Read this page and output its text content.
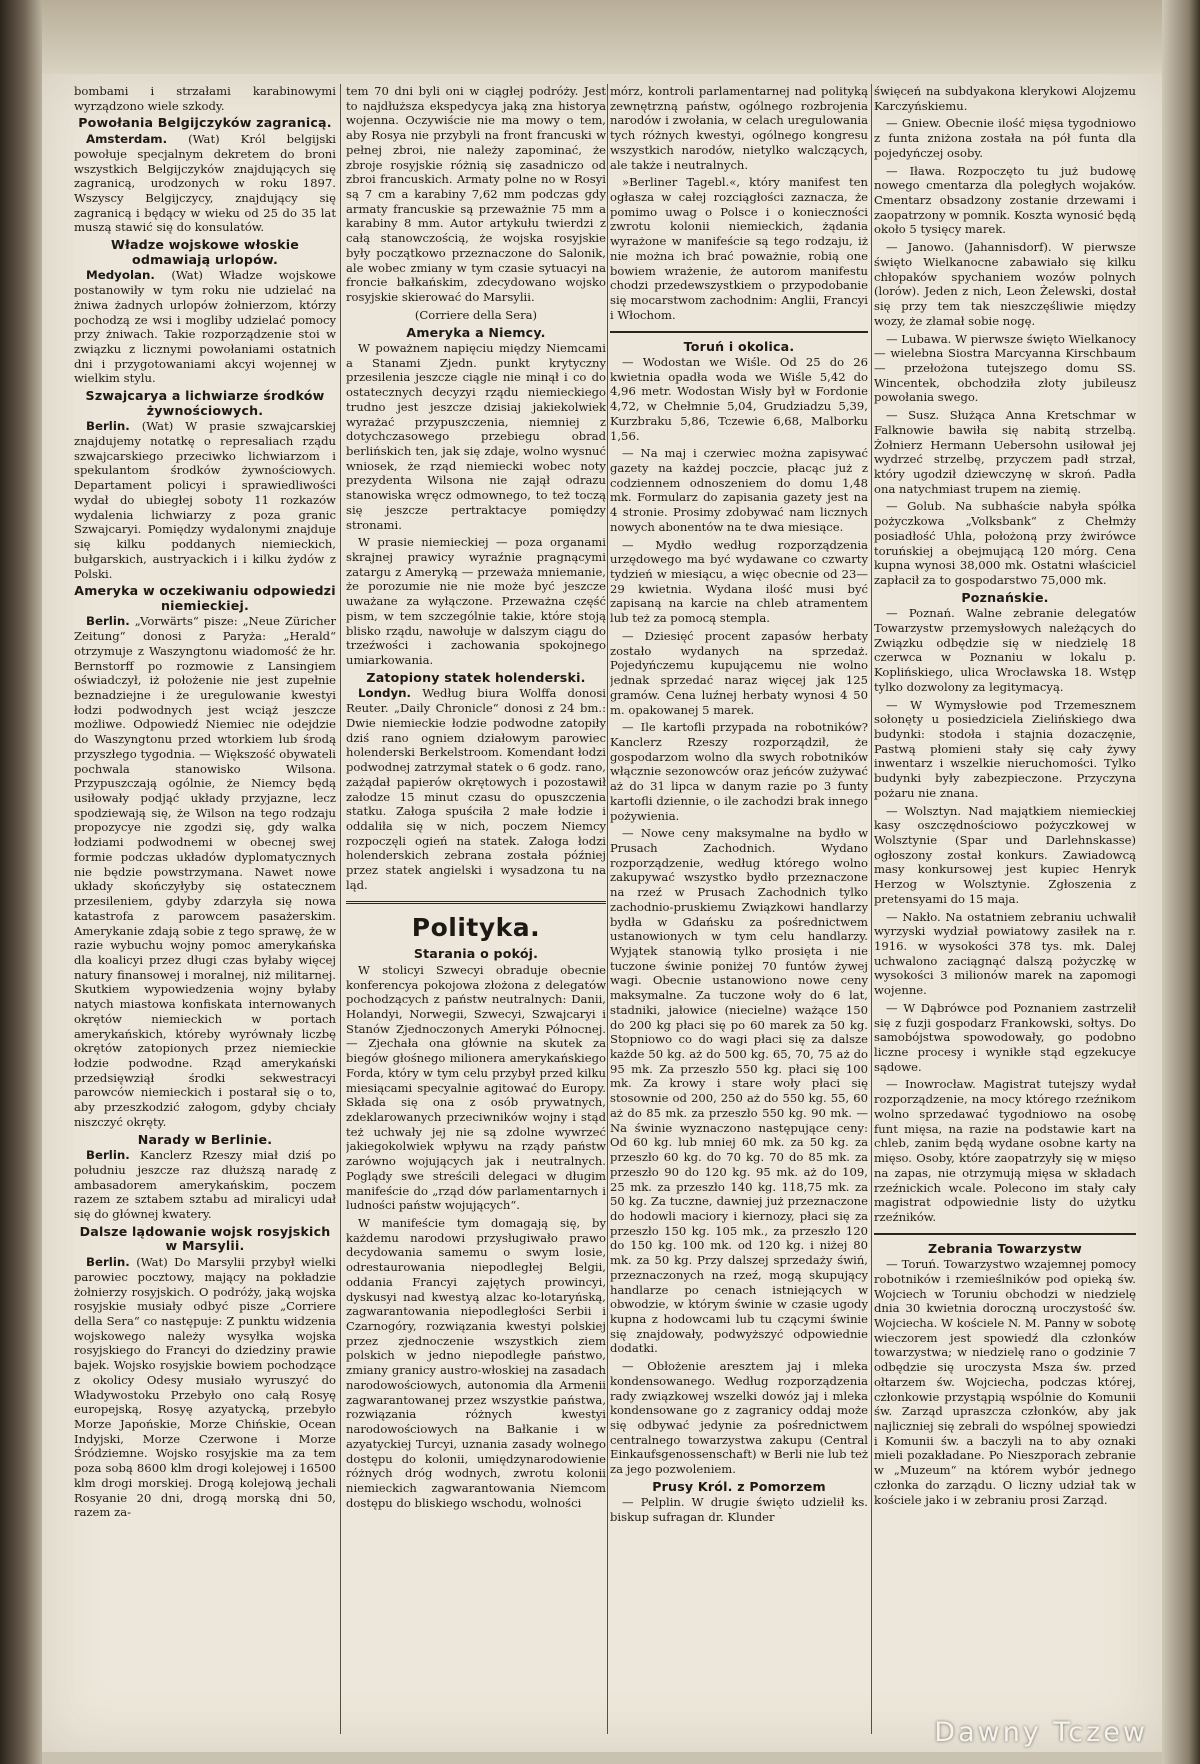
bombami i strzałami karabinowymi wyrządzono wiele szkody.

Powołania Belgijczyków zagranicą.

Amsterdam. (Wat) Król belgijski powołuje specjalnym dekretem do broni wszystkich Belgijczyków znajdujących się zagranicą, urodzonych w roku 1897. Wszyscy Belgijczycy, znajdujący się zagranicą i będący w wieku od 25 do 35 lat muszą stawić się do konsulatów.

Władze wojskowe włoskie odmawiają urlopów.

Medyolan. (Wat) Władze wojskowe postanowiły w tym roku nie udzielać na żniwa żadnych urlopów żołnierzom, którzy pochodzą ze wsi i mogliby udzielać pomocy przy żniwach. Takie rozporządzenie stoi w związku z licznymi powołaniami ostatnich dni i przygotowaniami akcyi wojennej w wielkim stylu.

Szwajcarya a lichwiarze środków żywnościowych.

Berlin. (Wat) W prasie szwajcarskiej znajdujemy notatkę o represaliach rządu szwajcarskiego przeciwko lichwiarzom i spekulantom środków żywnościowych. Departament policyi i sprawiedliwości wydał do ubiegłej soboty 11 rozkazów wydalenia lichwiarzy z poza granic Szwajcaryi. Pomiędzy wydalonymi znajduje się kilku poddanych niemieckich, bułgarskich, austryackich i i kilku żydów z Polski.

Ameryka w oczekiwaniu odpowiedzi niemieckiej.

Berlin. „Vorwärts“ pisze: „Neue Züricher Zeitung“ donosi z Paryża: „Herald“ otrzymuje z Waszyngtonu wiadomość że hr. Bernstorff po rozmowie z Lansingiem oświadczył, iż położenie nie jest zupełnie beznadziejne i że uregulowanie kwestyi łodzi podwodnych jest wciąż jeszcze możliwe. Odpowiedź Niemiec nie odejdzie do Waszyngtonu przed wtorkiem lub środą przyszłego tygodnia. — Większość obywateli pochwala stanowisko Wilsona. Przypuszczają ogólnie, że Niemcy będą usiłowały podjąć układy przyjazne, lecz spodziewają się, że Wilson na tego rodzaju propozycye nie zgodzi się, gdy walka łodziami podwodnemi w obecnej swej formie podczas układów dyplomatycznych nie będzie powstrzymana. Nawet nowe układy skończyłyby się ostatecznem przesileniem, gdyby zdarzyła się nowa katastrofa z parowcem pasażerskim. Amerykanie zdają sobie z tego sprawę, że w razie wybuchu wojny pomoc amerykańska dla koalicyi przez długi czas byłaby więcej natury finansowej i moralnej, niż militarnej. Skutkiem wypowiedzenia wojny byłaby natych miastowa konfiskata internowanych okrętów niemieckich w portach amerykańskich, któreby wyrównały liczbę okrętów zatopionych przez niemieckie łodzie podwodne. Rząd amerykański przedsięwziął środki sekwestracyi parowców niemieckich i postarał się o to, aby przeszkodzić załogom, gdyby chciały niszczyć okręty.

Narady w Berlinie.

Berlin. Kanclerz Rzeszy miał dziś po południu jeszcze raz dłuższą naradę z ambasadorem amerykańskim, poczem razem ze sztabem sztabu ad miralicyi udał się do głównej kwatery.

Dalsze lądowanie wojsk rosyjskich w Marsylii.

Berlin. (Wat) Do Marsylii przybył wielki parowiec pocztowy, mający na pokładzie żołnierzy rosyjskich. O podróży, jaką wojska rosyjskie musiały odbyć pisze „Corriere della Sera“ co następuje: Z punktu widzenia wojskowego należy wysyłka wojska rosyjskiego do Francyi do dziedziny prawie bajek. Wojsko rosyjskie bowiem pochodzące z okolicy Odesy musiało wyruszyć do Władywostoku Przebyło ono całą Rosyę europejską, Rosyę azyatycką, przebyło Morze Japońskie, Morze Chińskie, Ocean Indyjski, Morze Czerwone i Morze Śródziemne. Wojsko rosyjskie ma za tem poza sobą 8600 klm drogi kolejowej i 16500 klm drogi morskiej. Drogą kolejową jechali Rosyanie 20 dni, drogą morską dni 50, razem za-

tem 70 dni byli oni w ciągłej podróży. Jest to najdłuższa ekspedycya jaką zna historya wojenna. Oczywiście nie ma mowy o tem, aby Rosya nie przybyli na front francuski w pełnej zbroi, nie należy zapominać, że zbroje rosyjskie różnią się zasadniczo od zbroi francuskich. Armaty polne no w Rosyi są 7 cm a karabiny 7,62 mm podczas gdy armaty francuskie są przeważnie 75 mm a karabiny 8 mm. Autor artykułu twierdzi z całą stanowczością, że wojska rosyjskie były początkowo przeznaczone do Salonik, ale wobec zmiany w tym czasie sytuacyi na froncie bałkańskim, zdecydowano wojsko rosyjskie skierować do Marsylii.

(Corriere della Sera)

Ameryka a Niemcy.

W poważnem napięciu między Niemcami a Stanami Zjedn. punkt krytyczny przesilenia jeszcze ciągle nie minął i co do ostatecznych decyzyi rządu niemieckiego trudno jest jeszcze dzisiaj jakiekolwiek wyrażać przypuszczenia, niemniej z dotychczasowego przebiegu obrad berlińskich ten, jak się zdaje, wolno wysnuć wniosek, że rząd niemiecki wobec noty prezydenta Wilsona nie zajął odrazu stanowiska wręcz odmownego, to też toczą się jeszcze pertraktacye pomiędzy stronami.

W prasie niemieckiej — poza organami skrajnej prawicy wyraźnie pragnącymi zatargu z Ameryką — przeważa mniemanie, że porozumie nie nie może być jeszcze uważane za wyłączone. Przeważna część pism, w tem szczególnie takie, które stoją blisko rządu, nawołuje w dalszym ciągu do trzeźwości i zachowania spokojnego umiarkowania.

Zatopiony statek holenderski.

Londyn. Według biura Wolffa donosi Reuter. „Daily Chronicle“ donosi z 24 bm.: Dwie niemieckie łodzie podwodne zatopiły dziś rano ogniem działowym parowiec holenderski Berkelstroom. Komendant łodzi podwodnej zatrzymał statek o 6 godz. rano, zażądał papierów okrętowych i pozostawił załodze 15 minut czasu do opuszczenia statku. Załoga spuściła 2 małe łodzie i oddaliła się w nich, poczem Niemcy rozpoczęli ogień na statek. Załoga łodzi holenderskich zebrana została później przez statek angielski i wysadzona tu na ląd.

Polityka.
Starania o pokój.

W stolicyi Szwecyi obraduje obecnie konferencya pokojowa złożona z delegatów pochodzących z państw neutralnych: Danii, Holandyi, Norwegii, Szwecyi, Szwajcaryi i Stanów Zjednoczonych Ameryki Północnej. — Zjechała ona głównie na skutek za biegów głośnego milionera amerykańskiego Forda, który w tym celu przybył przed kilku miesiącami specyalnie agitować do Europy. Składa się ona z osób prywatnych, zdeklarowanych przeciwników wojny i stąd też uchwały jej nie są zdolne wywrzeć jakiegokolwiek wpływu na rządy państw zarówno wojujących jak i neutralnych. Poglądy swe streścili delegaci w długim manifeście do „rząd dów parlamentarnych i ludności państw wojujących“.

W manifeście tym domagają się, by każdemu narodowi przysługiwało prawo decydowania samemu o swym losie, odrestaurowania niepodległej Belgii, oddania Francyi zajętych prowincyi, dyskusyi nad kwestyą alzac ko-lotaryńską, zagwarantowania niepodległości Serbii i Czarnogóry, rozwiązania kwestyi polskiej przez zjednoczenie wszystkich ziem polskich w jedno niepodległe państwo, zmiany granicy austro-włoskiej na zasadach narodowościowych, autonomia dla Armenii zagwarantowanej przez wszystkie państwa, rozwiązania różnych kwestyi narodowościowych na Bałkanie i w azyatyckiej Turcyi, uznania zasady wolnego dostępu do kolonii, umiędzynarodowienie różnych dróg wodnych, zwrotu kolonii niemieckich zagwarantowania Niemcom dostępu do bliskiego wschodu, wolności

mórz, kontroli parlamentarnej nad polityką zewnętrzną państw, ogólnego rozbrojenia narodów i zwołania, w celach uregulowania tych różnych kwestyi, ogólnego kongresu wszystkich narodów, nietylko walczących, ale także i neutralnych.

»Berliner Tagebl.«, który manifest ten ogłasza w całej rozciągłości zaznacza, że pomimo uwag o Polsce i o konieczności zwrotu kolonii niemieckich, żądania wyrażone w manifeście są tego rodzaju, iż nie można ich brać poważnie, robią one bowiem wrażenie, że autorom manifestu chodzi przedewszystkiem o przypodobanie się mocarstwom zachodnim: Anglii, Francyi i Włochom.

Toruń i okolica.

— Wodostan we Wiśle. Od 25 do 26 kwietnia opadła woda we Wiśle 5,42 do 4,96 metr. Wodostan Wisły był w Fordonie 4,72, w Chełmnie 5,04, Grudziadzu 5,39, Kurzbraku 5,86, Tczewie 6,68, Malborku 1,56.

— Na maj i czerwiec można zapisywać gazety na każdej poczcie, płacąc już z codziennem odnoszeniem do domu 1,48 mk. Formularz do zapisania gazety jest na 4 stronie. Prosimy zdobywać nam licznych nowych abonentów na te dwa miesiące.

— Mydło według rozporządzenia urzędowego ma być wydawane co czwarty tydzień w miesiącu, a więc obecnie od 23—29 kwietnia. Wydana ilość musi być zapisaną na karcie na chleb atramentem lub też za pomocą stempla.

— Dziesięć procent zapasów herbaty zostało wydanych na sprzedaż. Pojedyńczemu kupującemu nie wolno jednak sprzedać naraz więcej jak 125 gramów. Cena luźnej herbaty wynosi 4 50 m. opakowanej 5 marek.

— Ile kartofli przypada na robotników? Kanclerz Rzeszy rozporządził, że gospodarzom wolno dla swych robotników włącznie sezonowców oraz jeńców zużywać aż do 31 lipca w danym razie po 3 funty kartofli dziennie, o ile zachodzi brak innego pożywienia.

— Nowe ceny maksymalne na bydło w Prusach Zachodnich. Wydano rozporządzenie, według którego wolno zakupywać wszystko bydło przeznaczone na rzeź w Prusach Zachodnich tylko zachodnio-pruskiemu Związkowi handlarzy bydła w Gdańsku za pośrednictwem ustanowionych w tym celu handlarzy. Wyjątek stanowią tylko prosięta i nie tuczone świnie poniżej 70 funtów żywej wagi. Obecnie ustanowiono nowe ceny maksymalne. Za tuczone woły do 6 lat, stadniki, jałowice (niecielne) ważące 150 do 200 kg płaci się po 60 marek za 50 kg. Stopniowo co do wagi płaci się za dalsze każde 50 kg. aż do 500 kg. 65, 70, 75 aż do 95 mk. Za przeszło 550 kg. płaci się 100 mk. Za krowy i stare woły płaci się stosownie od 200, 250 aż do 550 kg. 55, 60 aż do 85 mk. za przeszło 550 kg. 90 mk. — Na świnie wyznaczono następujące ceny: Od 60 kg. lub mniej 60 mk. za 50 kg. za przeszło 60 kg. do 70 kg. 70 do 85 mk. za przeszło 90 do 120 kg. 95 mk. aż do 109, 25 mk. za przeszło 140 kg. 118,75 mk. za 50 kg. Za tuczne, dawniej już przeznaczone do hodowli maciory i kiernozy, płaci się za przeszło 150 kg. 105 mk., za przeszło 120 do 150 kg. 100 mk. od 120 kg. i niżej 80 mk. za 50 kg. Przy dalszej sprzedaży świń, przeznaczonych na rzeź, mogą skupujący handlarze po cenach istniejących w obwodzie, w którym świnie w czasie ugody kupna z hodowcami lub tu czącymi świnie się znajdowały, podwyższyć odpowiednie dodatki.

— Obłożenie aresztem jaj i mleka kondensowanego. Według rozporządzenia rady związkowej wszelki dowóz jaj i mleka kondensowane go z zagranicy oddaj może się odbywać jedynie za pośrednictwem centralnego towarzystwa zakupu (Central Einkaufsgenossenschaft) w Berli nie lub też za jego pozwoleniem.

Prusy Król. z Pomorzem

— Pelplin. W drugie święto udzielił ks. biskup sufragan dr. Klunder

święceń na subdyakona klerykowi Alojzemu Karczyńskiemu.

— Gniew. Obecnie ilość mięsa tygodniowo z funta zniżona została na pół funta dla pojedyńczej osoby.

— Iława. Rozpoczęto tu już budowę nowego cmentarza dla poległych wojaków. Cmentarz obsadzony zostanie drzewami i zaopatrzony w pomnik. Koszta wynosić będą około 5 tysięcy marek.

— Janowo. (Jahannisdorf). W pierwsze święto Wielkanocne zabawiało się kilku chłopaków spychaniem wozów polnych (lorów). Jeden z nich, Leon Żelewski, dostał się przy tem tak nieszczęśliwie między wozy, że złamał sobie nogę.

— Lubawa. W pierwsze święto Wielkanocy — wielebna Siostra Marcyanna Kirschbaum — przełożona tutejszego domu SS. Wincentek, obchodziła złoty jubileusz powołania swego.

— Susz. Służąca Anna Kretschmar w Falknowie bawiła się nabitą strzelbą. Żołnierz Hermann Uebersohn usiłował jej wydrzeć strzelbę, przyczem padł strzał, który ugodził dziewczynę w skroń. Padła ona natychmiast trupem na ziemię.

— Golub. Na subhaście nabyła spółka pożyczkowa „Volksbank“ z Chełmży posiadłość Uhla, położoną przy żwirówce toruńskiej a obejmującą 120 mórg. Cena kupna wynosi 38,000 mk. Ostatni właściciel zapłacił za to gospodarstwo 75,000 mk.

Poznańskie.

— Poznań. Walne zebranie delegatów Towarzystw przemysłowych należących do Związku odbędzie się w niedzielę 18 czerwca w Poznaniu w lokalu p. Koplińskiego, ulica Wrocławska 18. Wstęp tylko dozwolony za legitymacyą.

— W Wymysłowie pod Trzemesznem sołonęty u posiedziciela Zielińskiego dwa budynki: stodoła i stajnia dozaczęnie, Pastwą płomieni stały się cały żywy inwentarz i wszelkie nieruchomości. Tylko budynki były zabezpieczone. Przyczyna pożaru nie znana.

— Wolsztyn. Nad majątkiem niemieckiej kasy oszczędnościowo pożyczkowej w Wolsztynie (Spar und Darlehnskasse) ogłoszony został konkurs. Zawiadowcą masy konkursowej jest kupiec Henryk Herzog w Wolsztynie. Zgłoszenia z pretensyami do 15 maja.

— Nakło. Na ostatniem zebraniu uchwalił wyrzyski wydział powiatowy zasiłek na r. 1916. w wysokości 378 tys. mk. Dalej uchwalono zaciągnąć dalszą pożyczkę w wysokości 3 milionów marek na zapomogi wojenne.

— W Dąbrówce pod Poznaniem zastrzelił się z fuzji gospodarz Frankowski, sołtys. Do samobójstwa spowodowały, go podobno liczne procesy i wynikłe stąd egzekucye sądowe.

— Inowrocław. Magistrat tutejszy wydał rozporządzenie, na mocy którego rzeźnikom wolno sprzedawać tygodniowo na osobę funt mięsa, na razie na podstawie kart na chleb, zanim będą wydane osobne karty na mięso. Osoby, które zaopatrzyły się w mięso na zapas, nie otrzymują mięsa w składach rzeźnickich wcale. Polecono im stały cały magistrat odpowiednie listy do użytku rzeźników.

Zebrania Towarzystw

— Toruń. Towarzystwo wzajemnej pomocy robotników i rzemieślników pod opieką św. Wojciech w Toruniu obchodzi w niedzielę dnia 30 kwietnia doroczną uroczystość św. Wojciecha. W kościele N. M. Panny w sobotę wieczorem jest spowiedź dla członków towarzystwa; w niedzielę rano o godzinie 7 odbędzie się uroczysta Msza św. przed ołtarzem św. Wojciecha, podczas której, członkowie przystąpią wspólnie do Komunii św. Zarząd upraszcza członków, aby jak najliczniej się zebrali do wspólnej spowiedzi i Komunii św. a baczyli na to aby oznaki mieli pozakładane. Po Nieszporach zebranie w „Muzeum“ na którem wybór jednego członka do zarządu. O liczny udział tak w kościele jako i w zebraniu prosi Zarząd.

Dawny Tczew
